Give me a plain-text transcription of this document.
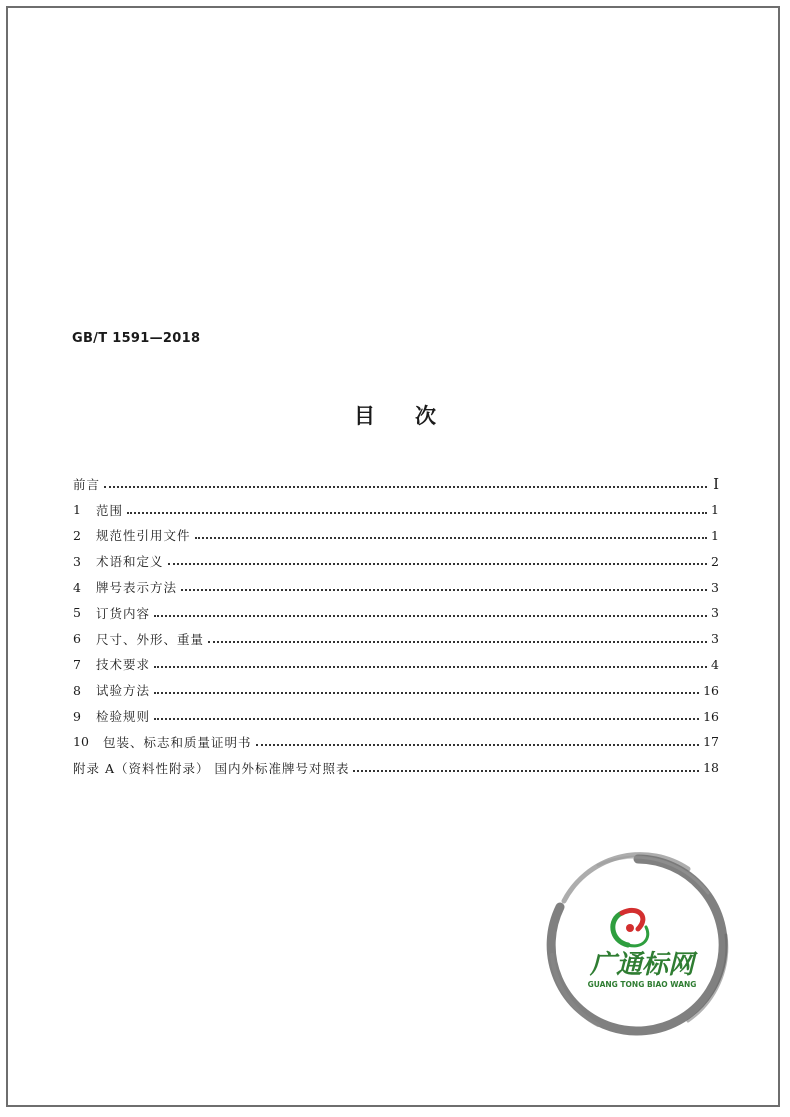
GB/T 1591—2018
目 次
前言	Ⅰ
1	范围	1
2	规范性引用文件	1
3	术语和定义	2
4	牌号表示方法	3
5	订货内容	3
6	尺寸、外形、重量	3
7	技术要求	4
8	试验方法	16
9	检验规则	16
10	包装、标志和质量证明书	17
附录 A（资料性附录） 国内外标准牌号对照表	18
广通标网
GUANG TONG BIAO WANG
